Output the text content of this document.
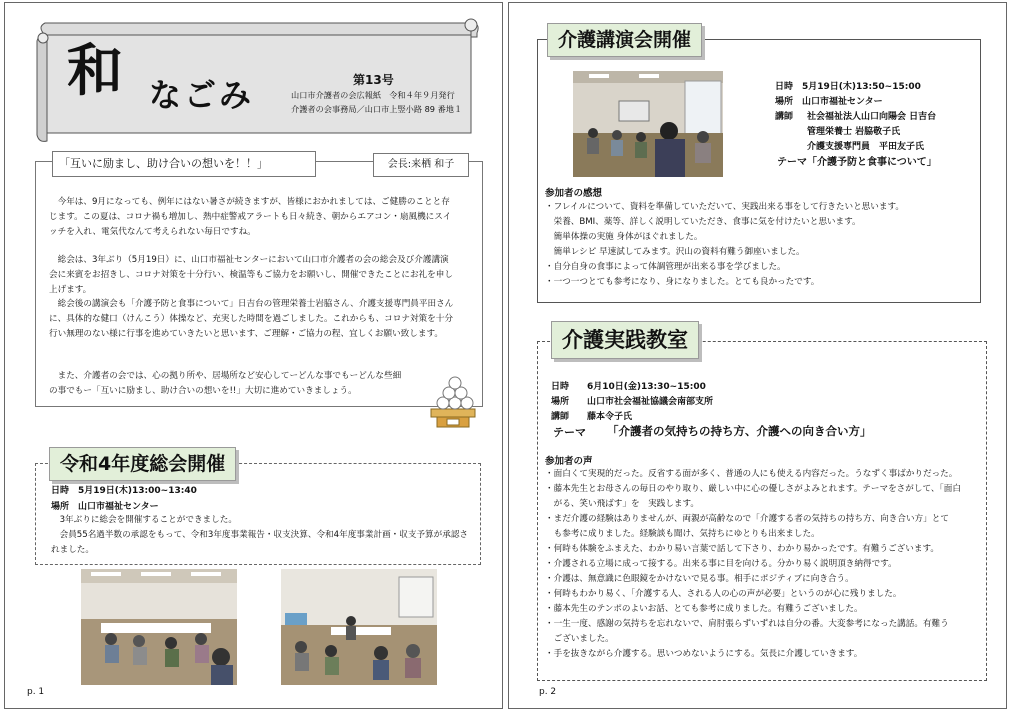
和 なごみ	第13号
山口市介護者の会広報紙　令和４年９月発行
介護者の会事務局／山口市上竪小路 89 番地１
「互いに励まし、助け合いの想いを！！」	会長:来栖 和子
　今年は、9月になっても、例年にはない暑さが続きますが、皆様におかれましては、ご健勝のことと存じます。この夏は、コロナ禍も増加し、熱中症警戒アラートも日々続き、朝からエアコン・扇風機にスイッチを入れ、電気代なんて考えられない毎日ですね。
　総会は、3年ぶり（5月19日）に、山口市福祉センターにおいて山口市介護者の会の総会及び介護講演会に来賓をお招きし、コロナ対策を十分行い、検温等もご協力をお願いし、開催できたことにお礼を申し上げます。
　総会後の講演会も「介護予防と食事について」日吉台の管理栄養士岩脇さん、介護支援専門員平田さんに、具体的な健口（けんこう）体操など、充実した時間を過ごしました。これからも、コロナ対策を十分行い無理のない様に行事を進めていきたいと思います、ご理解・ご協力の程、宜しくお願い致します。
　また、介護者の会では、心の拠り所や、居場所など安心してーどんな事でもーどんな些細の事でもー「互いに励まし、助け合いの想いを!!」大切に進めていきましょう。
令和4年度総会開催
日時　5月19日(木)13:00~13:40
場所　山口市福祉センター
　3年ぶりに総会を開催することができました。
　会員55名過半数の承認をもって、令和3年度事業報告・収支決算、令和4年度事業計画・収支予算が承認されました。
p. 1
介護講演会開催
日時　5月19日(木)13:50~15:00
場所　山口市福祉センター
講師 社会福祉法人山口向陽会 日吉台
管理栄養士 岩脇敬子氏
介護支援専門員　平田友子氏
テーマ「介護予防と食事について」
参加者の感想
・フレイルについて、資料を準備していただいて、実践出来る事をして行きたいと思います。
　栄養、BMI、薬等、詳しく説明していただき、食事に気を付けたいと思います。
　簡単体操の実施 身体がほぐれました。
　簡単レシピ 早速試してみます。沢山の資料有難う御座いました。
・自分自身の食事によって体調管理が出来る事を学びました。
・一つ一つとても参考になり、身になりました。とても良かったです。
介護実践教室
日時　　6月10日(金)13:30~15:00
場所　　山口市社会福祉協議会南部支所
講師　　藤本令子氏
テーマ 「介護者の気持ちの持ち方、介護への向き合い方」
参加者の声
・面白くて実現的だった。反省する面が多く、普通の人にも使える内容だった。うなずく事ばかりだった。
・藤本先生とお母さんの毎日のやり取り、厳しい中に心の優しさがよみとれます。テーマをさがして、「面白
　がる、笑い飛ばす」を　実践します。
・まだ介護の経験はありませんが、両親が高齢なので「介護する者の気持ちの持ち方、向き合い方」とて
　も参考に成りました。経験談も聞け、気持ちにゆとりも出来ました。
・何時も体験をふまえた、わかり易い言葉で話して下さり、わかり易かったです。有難うございます。
・介護される立場に成って接する。出来る事に目を向ける。分かり易く説明頂き納得です。
・介護は、無意識に色眼鏡をかけないで見る事。相手にポジティブに向き合う。
・何時もわかり易く、「介護する人、される人の心の声が必要」というのが心に残りました。
・藤本先生のテンポのよいお話、とても参考に成りました。有難うございました。
・一生一度、感謝の気持ちを忘れないで、肩肘張らずいずれは自分の番。大変参考になった講話。有難う
　ございました。
・手を抜きながら介護する。思いつめないようにする。気長に介護していきます。
p. 2
